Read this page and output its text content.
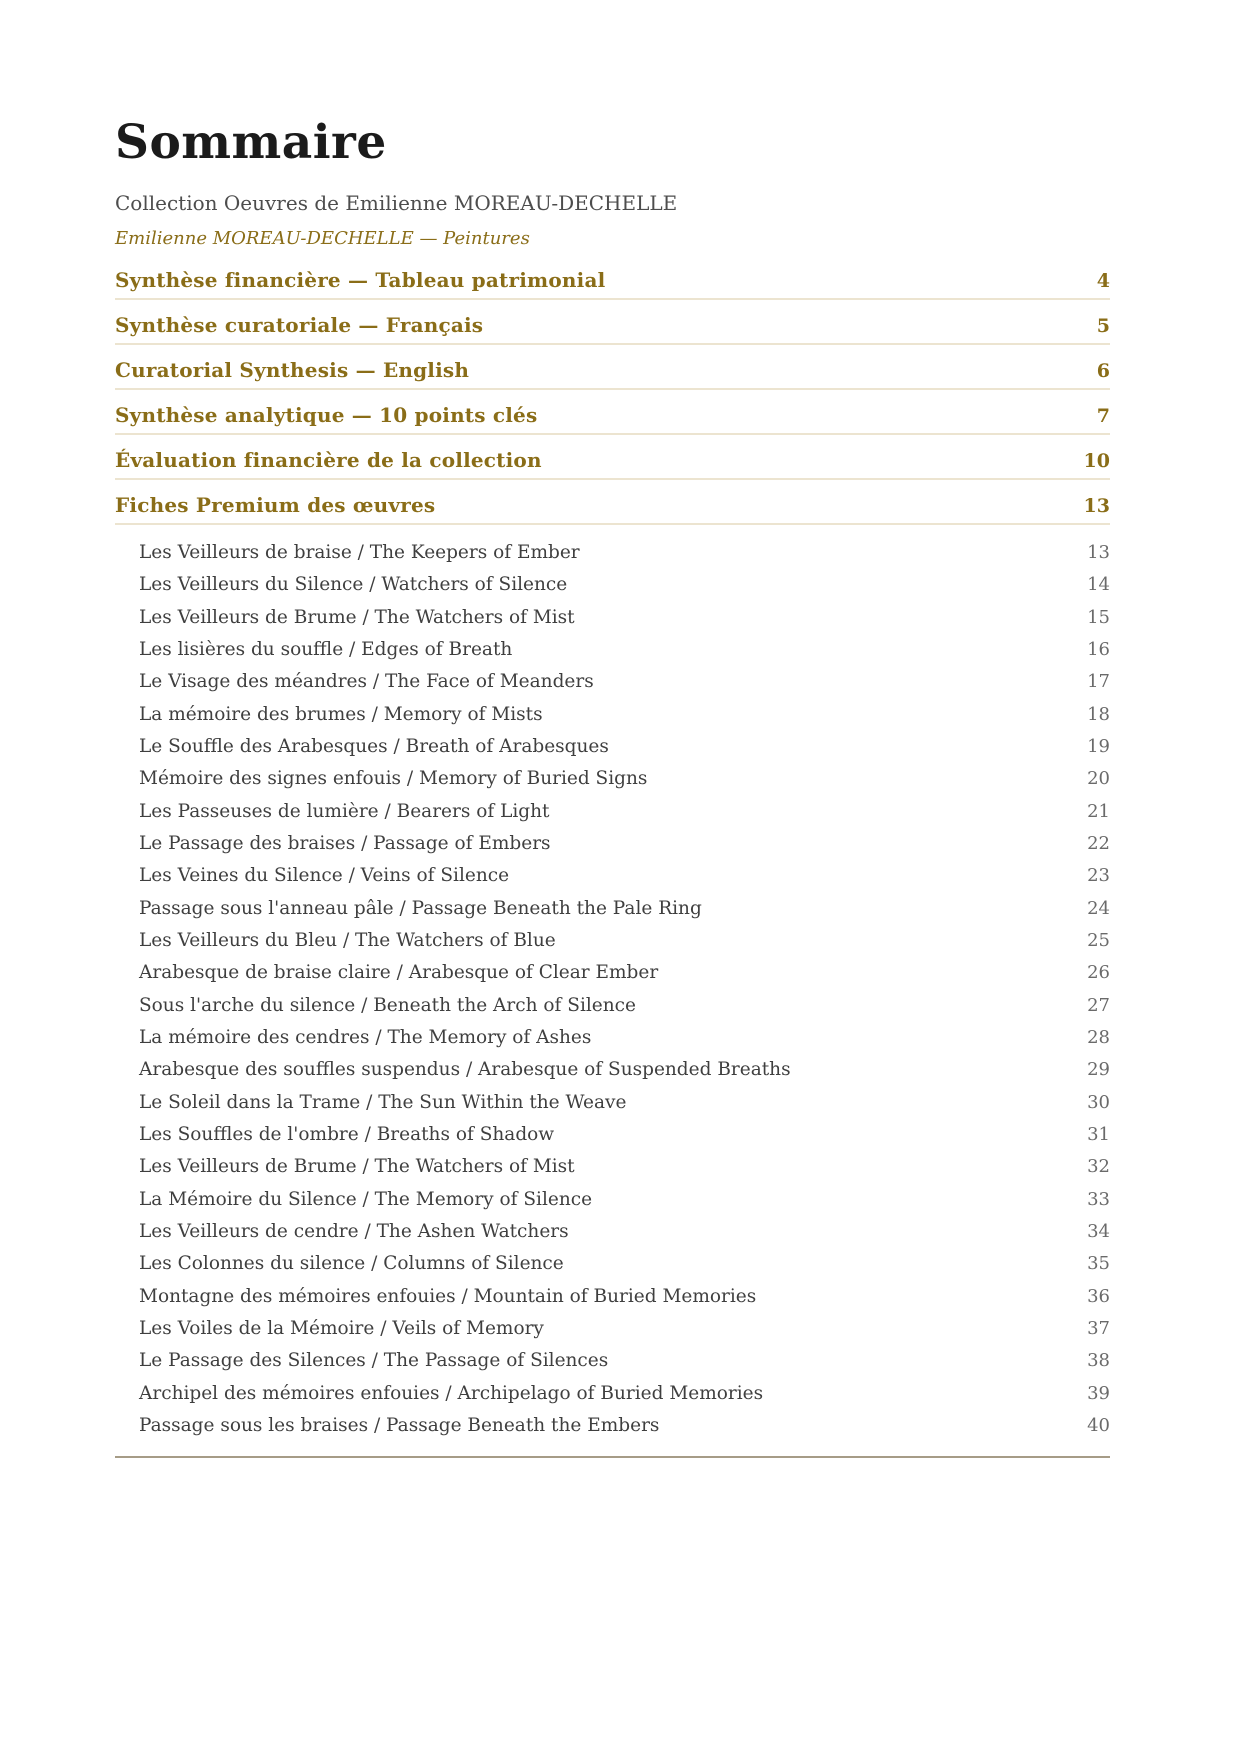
Sommaire

Collection Oeuvres de Emilienne MOREAU-DECHELLE

Emilienne MOREAU-DECHELLE — Peintures

Synthèse financière — Tableau patrimonial	4
Synthèse curatoriale — Français	5
Curatorial Synthesis — English	6
Synthèse analytique — 10 points clés	7
Évaluation financière de la collection	10
Fiches Premium des œuvres	13
Les Veilleurs de braise / The Keepers of Ember	13
Les Veilleurs du Silence / Watchers of Silence	14
Les Veilleurs de Brume / The Watchers of Mist	15
Les lisières du souffle / Edges of Breath	16
Le Visage des méandres / The Face of Meanders	17
La mémoire des brumes / Memory of Mists	18
Le Souffle des Arabesques / Breath of Arabesques	19
Mémoire des signes enfouis / Memory of Buried Signs	20
Les Passeuses de lumière / Bearers of Light	21
Le Passage des braises / Passage of Embers	22
Les Veines du Silence / Veins of Silence	23
Passage sous l'anneau pâle / Passage Beneath the Pale Ring	24
Les Veilleurs du Bleu / The Watchers of Blue	25
Arabesque de braise claire / Arabesque of Clear Ember	26
Sous l'arche du silence / Beneath the Arch of Silence	27
La mémoire des cendres / The Memory of Ashes	28
Arabesque des souffles suspendus / Arabesque of Suspended Breaths	29
Le Soleil dans la Trame / The Sun Within the Weave	30
Les Souffles de l'ombre / Breaths of Shadow	31
Les Veilleurs de Brume / The Watchers of Mist	32
La Mémoire du Silence / The Memory of Silence	33
Les Veilleurs de cendre / The Ashen Watchers	34
Les Colonnes du silence / Columns of Silence	35
Montagne des mémoires enfouies / Mountain of Buried Memories	36
Les Voiles de la Mémoire / Veils of Memory	37
Le Passage des Silences / The Passage of Silences	38
Archipel des mémoires enfouies / Archipelago of Buried Memories	39
Passage sous les braises / Passage Beneath the Embers	40
